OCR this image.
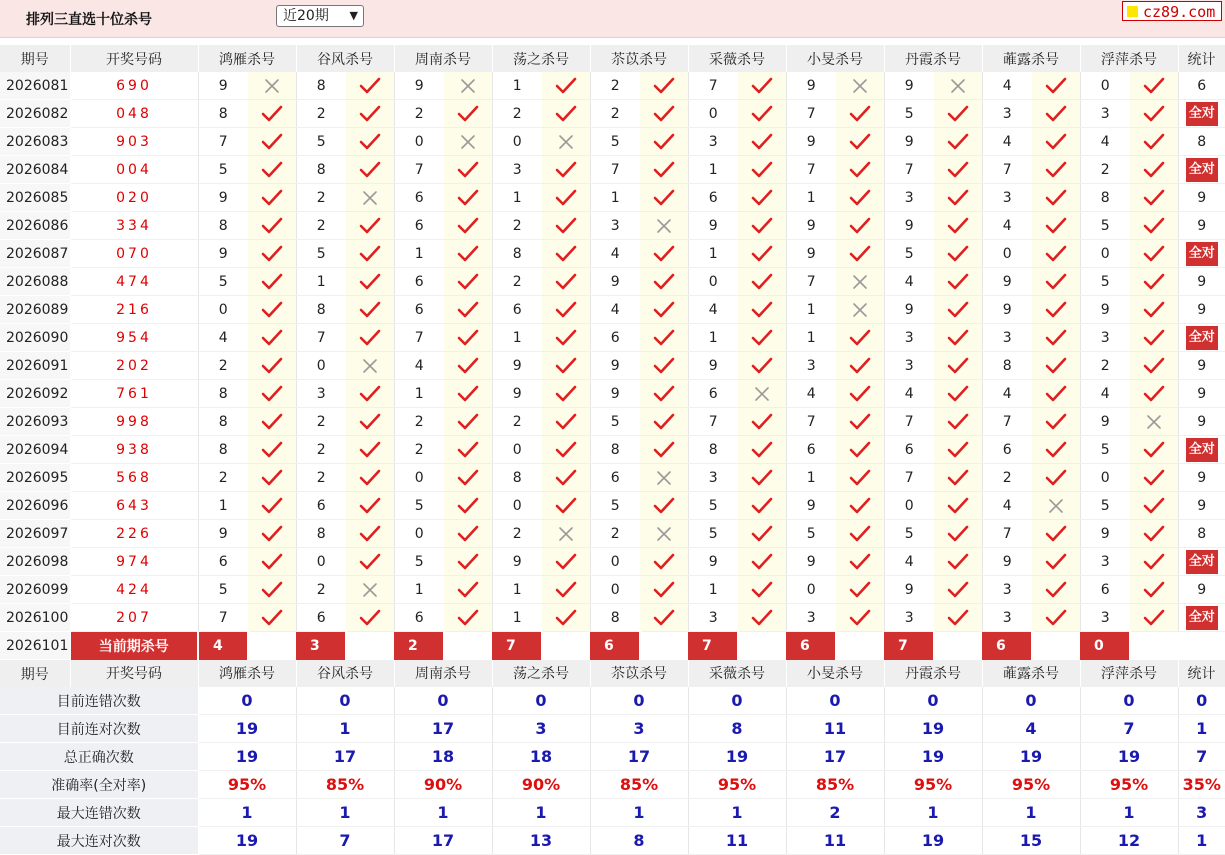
排列三直选十位杀号	近20期 ▼	cz89.com
期号	开奖号码	鸿雁杀号		谷风杀号		周南杀号		荡之杀号		苶苡杀号		采薇杀号		小旻杀号		丹霞杀号		蓶露杀号		浮萍杀号		统计
2026081	690	9		8		9		1		2		7		9		9		4		0		6
2026082	048	8		2		2		2		2		0		7		5		3		3		全对
2026083	903	7		5		0		0		5		3		9		9		4		4		8
2026084	004	5		8		7		3		7		1		7		7		7		2		全对
2026085	020	9		2		6		1		1		6		1		3		3		8		9
2026086	334	8		2		6		2		3		9		9		9		4		5		9
2026087	070	9		5		1		8		4		1		9		5		0		0		全对
2026088	474	5		1		6		2		9		0		7		4		9		5		9
2026089	216	0		8		6		6		4		4		1		9		9		9		9
2026090	954	4		7		7		1		6		1		1		3		3		3		全对
2026091	202	2		0		4		9		9		9		3		3		8		2		9
2026092	761	8		3		1		9		9		6		4		4		4		4		9
2026093	998	8		2		2		2		5		7		7		7		7		9		9
2026094	938	8		2		2		0		8		8		6		6		6		5		全对
2026095	568	2		2		0		8		6		3		1		7		2		0		9
2026096	643	1		6		5		0		5		5		9		0		4		5		9
2026097	226	9		8		0		2		2		5		5		5		7		9		8
2026098	974	6		0		5		9		0		9		9		4		9		3		全对
2026099	424	5		2		1		1		0		1		0		9		3		6		9
2026100	207	7		6		6		1		8		3		3		3		3		3		全对
2026101	当前期杀号	4		3		2		7		6		7		6		7		6		0		
期号	开奖号码	鸿雁杀号		谷风杀号		周南杀号		荡之杀号		苶苡杀号		采薇杀号		小旻杀号		丹霞杀号		蓶露杀号		浮萍杀号		统计
目前连错次数		0		0		0		0		0		0		0		0		0		0		0
目前连对次数		19		1		17		3		3		8		11		19		4		7		1
总正确次数		19		17		18		18		17		19		17		19		19		19		7
准确率(全对率)		95%		85%		90%		90%		85%		95%		85%		95%		95%		95%		35%
最大连错次数		1		1		1		1		1		1		2		1		1		1		3
最大连对次数		19		7		17		13		8		11		11		19		15		12		1
